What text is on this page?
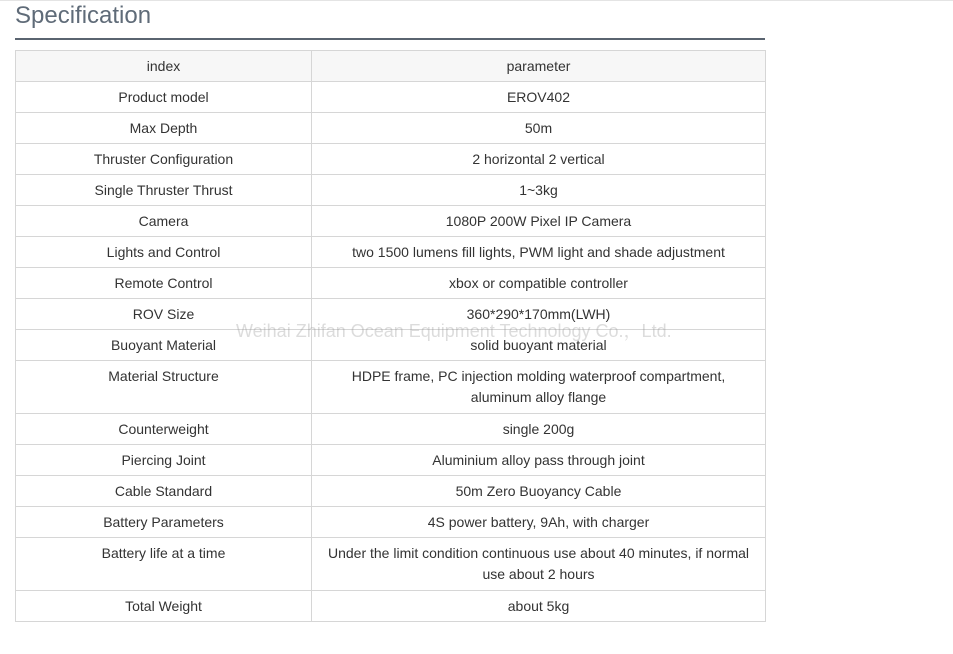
Specification
index	parameter
Product model	EROV402
Max Depth	50m
Thruster Configuration	2 horizontal 2 vertical
Single Thruster Thrust	1~3kg
Camera	1080P 200W Pixel IP Camera
Lights and Control	two 1500 lumens fill lights, PWM light and shade adjustment
Remote Control	xbox or compatible controller
ROV Size	360*290*170mm(LWH)
Buoyant Material	solid buoyant material
Material Structure	HDPE frame, PC injection molding waterproof compartment, aluminum alloy flange
Counterweight	single 200g
Piercing Joint	Aluminium alloy pass through joint
Cable Standard	50m Zero Buoyancy Cable
Battery Parameters	4S power battery, 9Ah, with charger
Battery life at a time	Under the limit condition continuous use about 40 minutes, if normal use about 2 hours
Total Weight	about 5kg
Weihai Zhifan Ocean Equipment Technology Co.，Ltd.
